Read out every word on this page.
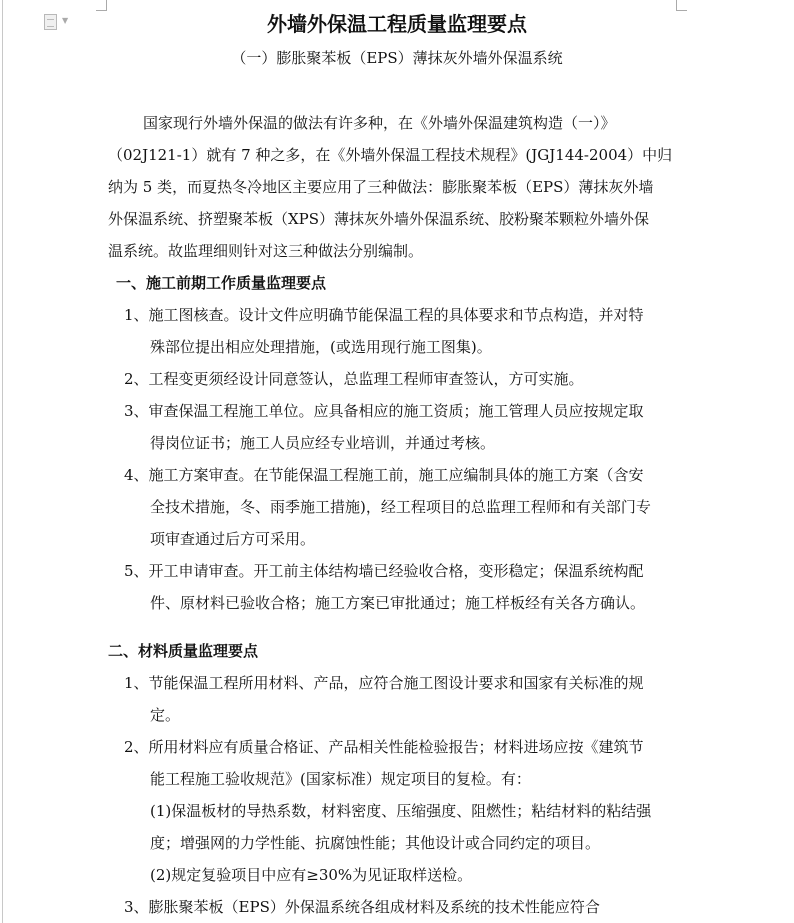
▼	外墙外保温工程质量监理要点
（一）膨胀聚苯板（EPS）薄抹灰外墙外保温系统
国家现行外墙外保温的做法有许多种，在《外墙外保温建筑构造（一）》
（02J121-1）就有 7 种之多，在《外墙外保温工程技术规程》(JGJ144-2004）中归
纳为 5 类，而夏热冬冷地区主要应用了三种做法：膨胀聚苯板（EPS）薄抹灰外墙
外保温系统、挤塑聚苯板（XPS）薄抹灰外墙外保温系统、胶粉聚苯颗粒外墙外保
温系统。故监理细则针对这三种做法分别编制。
一、施工前期工作质量监理要点
1、施工图核查。设计文件应明确节能保温工程的具体要求和节点构造，并对特
殊部位提出相应处理措施，(或选用现行施工图集)。
2、工程变更须经设计同意签认，总监理工程师审查签认，方可实施。
3、审查保温工程施工单位。应具备相应的施工资质；施工管理人员应按规定取
得岗位证书；施工人员应经专业培训，并通过考核。
4、施工方案审查。在节能保温工程施工前，施工应编制具体的施工方案（含安
全技术措施，冬、雨季施工措施)，经工程项目的总监理工程师和有关部门专
项审查通过后方可采用。
5、开工申请审查。开工前主体结构墙已经验收合格，变形稳定；保温系统构配
件、原材料已验收合格；施工方案已审批通过；施工样板经有关各方确认。
二、材料质量监理要点
1、节能保温工程所用材料、产品，应符合施工图设计要求和国家有关标准的规
定。
2、所用材料应有质量合格证、产品相关性能检验报告；材料进场应按《建筑节
能工程施工验收规范》(国家标准）规定项目的复检。有：
(1)保温板材的导热系数，材料密度、压缩强度、阻燃性；粘结材料的粘结强
度；增强网的力学性能、抗腐蚀性能；其他设计或合同约定的项目。
(2)规定复验项目中应有≥30%为见证取样送检。
3、膨胀聚苯板（EPS）外保温系统各组成材料及系统的技术性能应符合
